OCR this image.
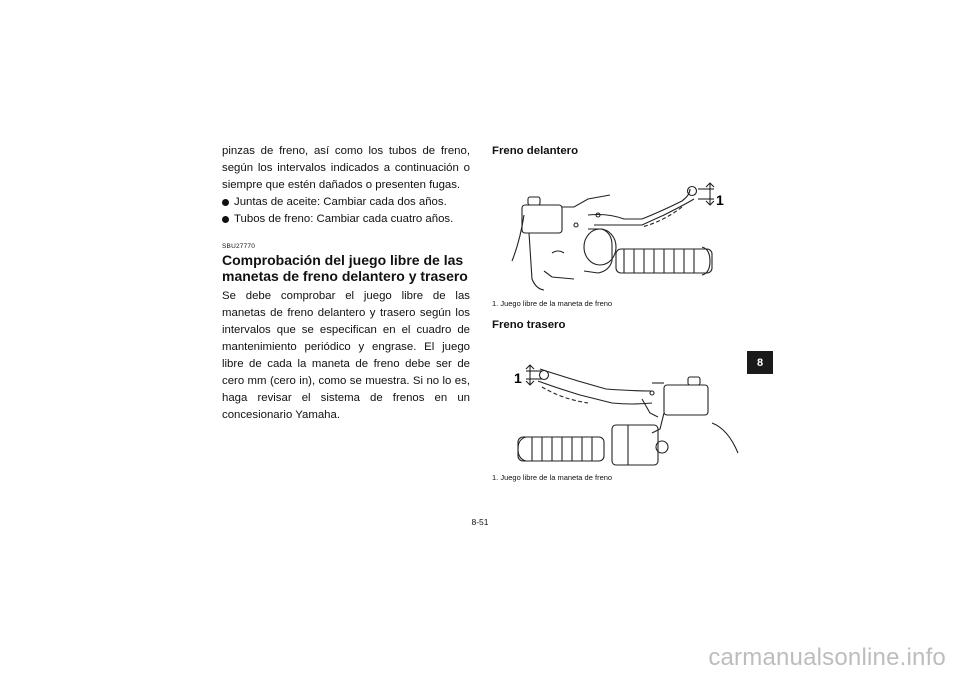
pinzas de freno, así como los tubos de freno, según los intervalos indicados a continuación o siempre que estén dañados o presenten fugas.

Juntas de aceite: Cambiar cada dos años.
Tubos de freno: Cambiar cada cuatro años.
SBU27770
Comprobación del juego libre de las manetas de freno delantero y trasero

Se debe comprobar el juego libre de las manetas de freno delantero y trasero según los intervalos que se especifican en el cuadro de mantenimiento periódico y engrase. El juego libre de cada la maneta de freno debe ser de cero mm (cero in), como se muestra. Si no lo es, haga revisar el sistema de frenos en un concesionario Yamaha.

Freno delantero
1
1. Juego libre de la maneta de freno
Freno trasero
1
1. Juego libre de la maneta de freno
8
8-51
carmanualsonline.info
